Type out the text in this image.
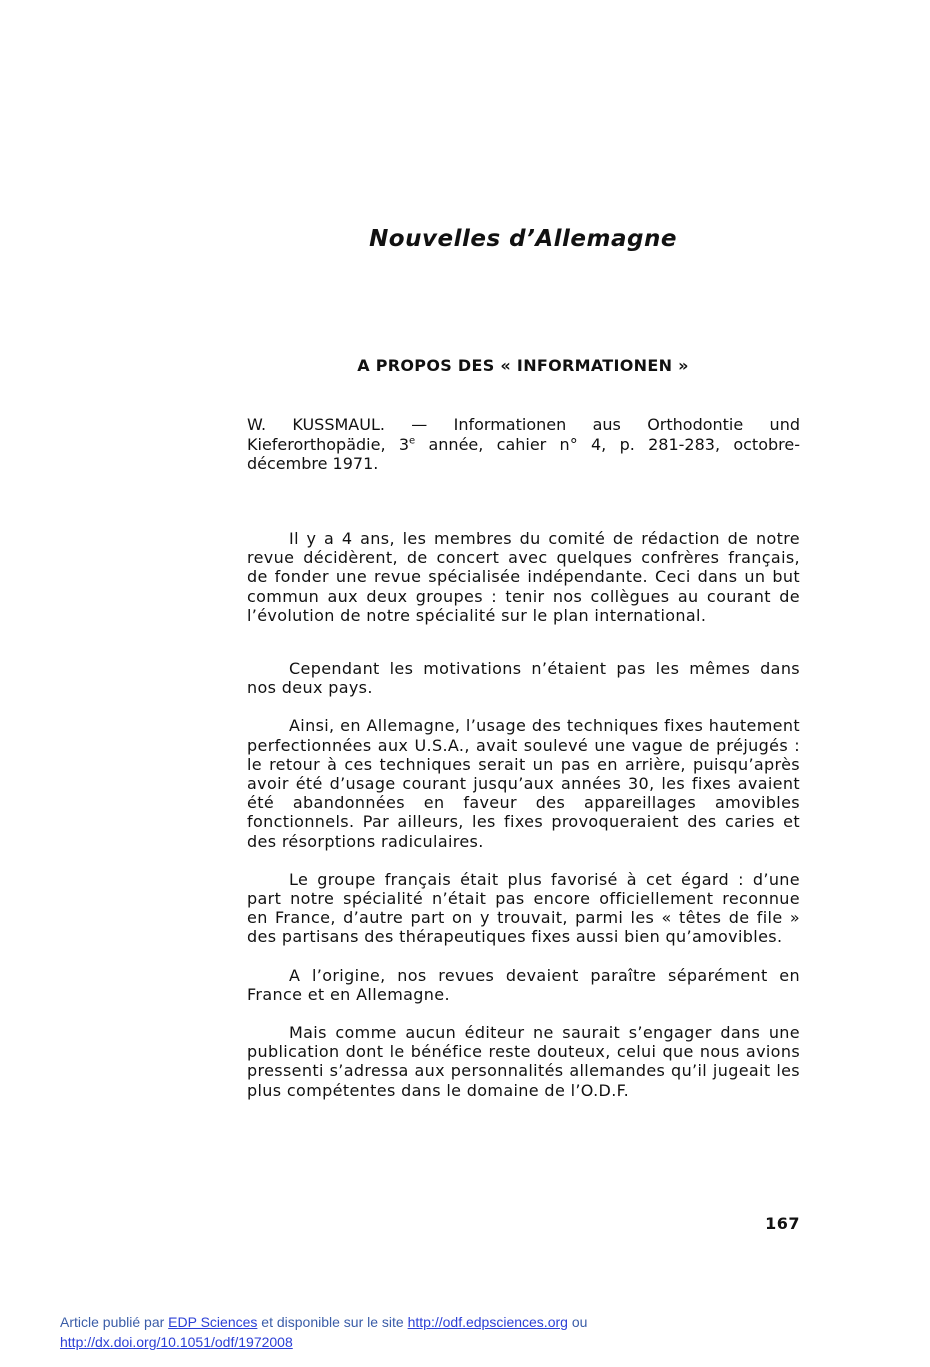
Nouvelles d’Allemagne
A PROPOS DES « INFORMATIONEN »
W. KUSSMAUL. — Informationen aus Orthodontie und Kieferorthopädie, 3e année, cahier n° 4, p. 281-283, octobre-décembre 1971.

Il y a 4 ans, les membres du comité de rédaction de notre revue décidèrent, de concert avec quelques confrères français, de fonder une revue spécialisée indépendante. Ceci dans un but commun aux deux groupes : tenir nos collègues au courant de l’évolution de notre spécialité sur le plan international.

Cependant les motivations n’étaient pas les mêmes dans nos deux pays.

Ainsi, en Allemagne, l’usage des techniques fixes hautement perfectionnées aux U.S.A., avait soulevé une vague de préjugés : le retour à ces techniques serait un pas en arrière, puisqu’après avoir été d’usage courant jusqu’aux années 30, les fixes avaient été abandonnées en faveur des appareillages amovibles fonctionnels. Par ailleurs, les fixes provoqueraient des caries et des résorptions radiculaires.

Le groupe français était plus favorisé à cet égard : d’une part notre spécialité n’était pas encore officiellement reconnue en France, d’autre part on y trouvait, parmi les « têtes de file » des partisans des thérapeutiques fixes aussi bien qu’amovibles.

A l’origine, nos revues devaient paraître séparément en France et en Allemagne.

Mais comme aucun éditeur ne saurait s’engager dans une publication dont le bénéfice reste douteux, celui que nous avions pressenti s’adressa aux personnalités allemandes qu’il jugeait les plus compétentes dans le domaine de l’O.D.F.

167
Article publié par EDP Sciences et disponible sur le site http://odf.edpsciences.org ou
http://dx.doi.org/10.1051/odf/1972008
